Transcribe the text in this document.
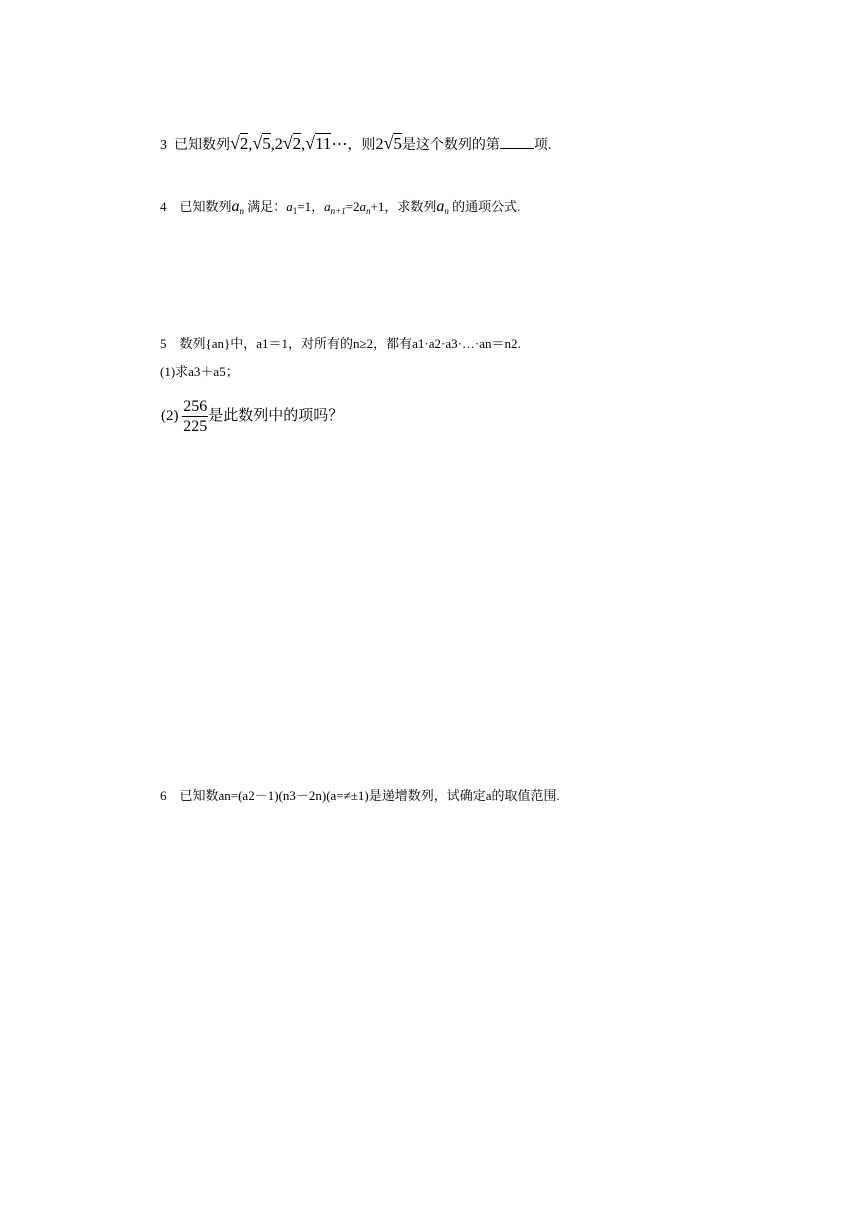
3 已知数列√2,√5,2√2,√11⋯，则2√5是这个数列的第 项.
4 已知数列$a_n$ 满足：$a_1=1$，$a_{n+1}=2a_n+1$，求数列$a_n$ 的通项公式.
5 数列{an}中，a1＝1，对所有的n≥2，都有a1·a2·a3·…·an＝n2.
(1)求a3＋a5；
$(2) \frac{256}{225}$ 是此数列中的项吗？
6 已知数an=(a2－1)(n3－2n)(a=≠±1)是递增数列，试确定a的取值范围.
